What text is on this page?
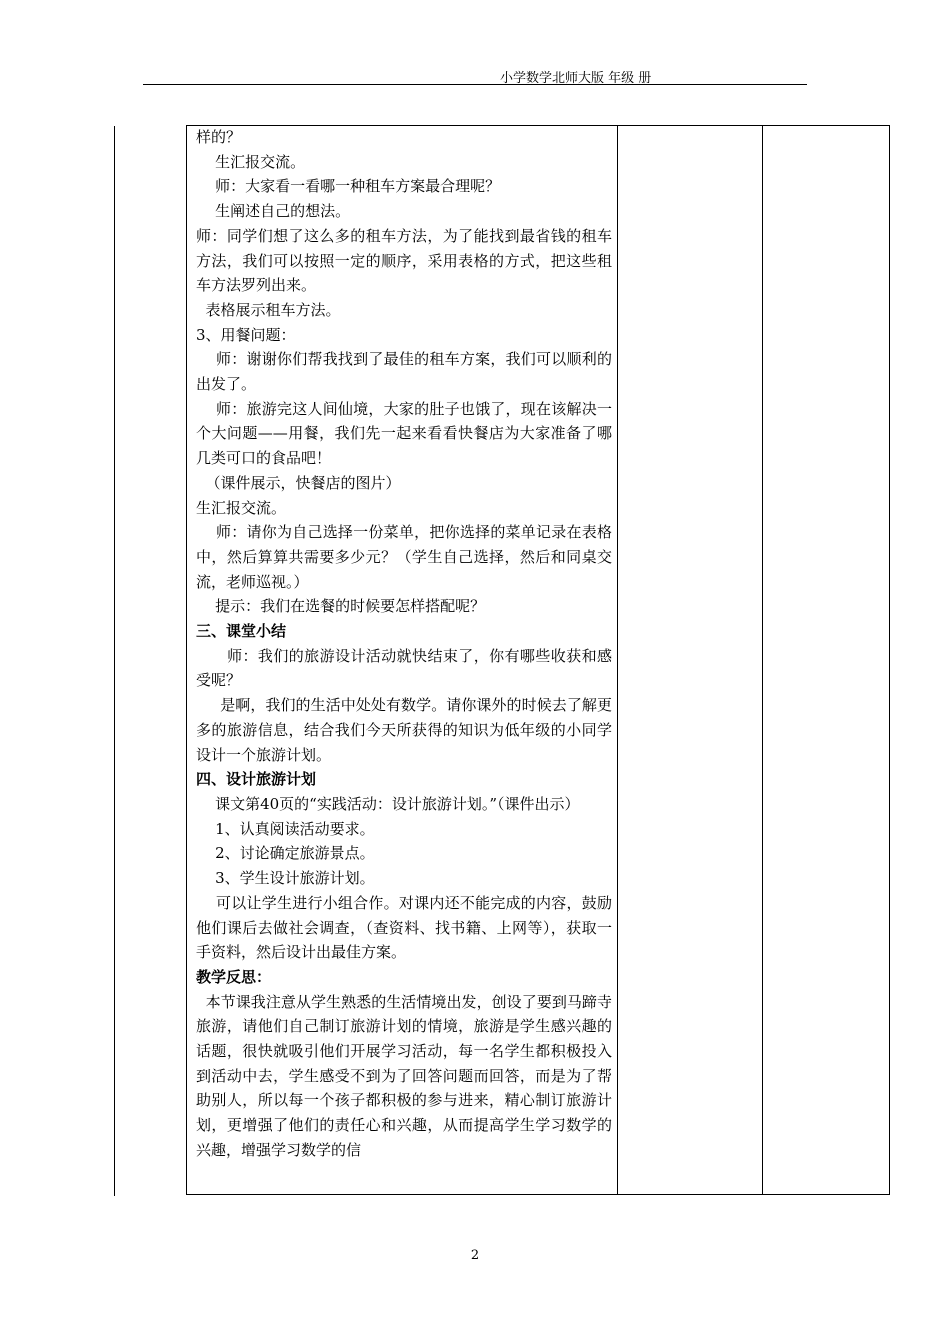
小学数学北师大版 年级 册

样的？

生汇报交流。

师：大家看一看哪一种租车方案最合理呢？

生阐述自己的想法。

师：同学们想了这么多的租车方法，为了能找到最省钱的租车方法，我们可以按照一定的顺序，采用表格的方式，把这些租车方法罗列出来。

表格展示租车方法。

3、用餐问题：

师：谢谢你们帮我找到了最佳的租车方案，我们可以顺利的出发了。

师：旅游完这人间仙境，大家的肚子也饿了，现在该解决一个大问题——用餐，我们先一起来看看快餐店为大家准备了哪几类可口的食品吧！

（课件展示，快餐店的图片）

生汇报交流。

师：请你为自己选择一份菜单，把你选择的菜单记录在表格中，然后算算共需要多少元？（学生自己选择，然后和同桌交流，老师巡视。）

提示：我们在选餐的时候要怎样搭配呢？

三、课堂小结

师：我们的旅游设计活动就快结束了，你有哪些收获和感受呢？

是啊，我们的生活中处处有数学。请你课外的时候去了解更多的旅游信息，结合我们今天所获得的知识为低年级的小同学设计一个旅游计划。

四、设计旅游计划

课文第40页的“实践活动：设计旅游计划。”（课件出示）

1、认真阅读活动要求。

2、讨论确定旅游景点。

3、学生设计旅游计划。

可以让学生进行小组合作。对课内还不能完成的内容，鼓励他们课后去做社会调查，（查资料、找书籍、上网等），获取一手资料，然后设计出最佳方案。

教学反思：

本节课我注意从学生熟悉的生活情境出发，创设了要到马蹄寺旅游，请他们自己制订旅游计划的情境，旅游是学生感兴趣的话题，很快就吸引他们开展学习活动，每一名学生都积极投入到活动中去，学生感受不到为了回答问题而回答，而是为了帮助别人，所以每一个孩子都积极的参与进来，精心制订旅游计划，更增强了他们的责任心和兴趣，从而提高学生学习数学的兴趣，增强学习数学的信

2
